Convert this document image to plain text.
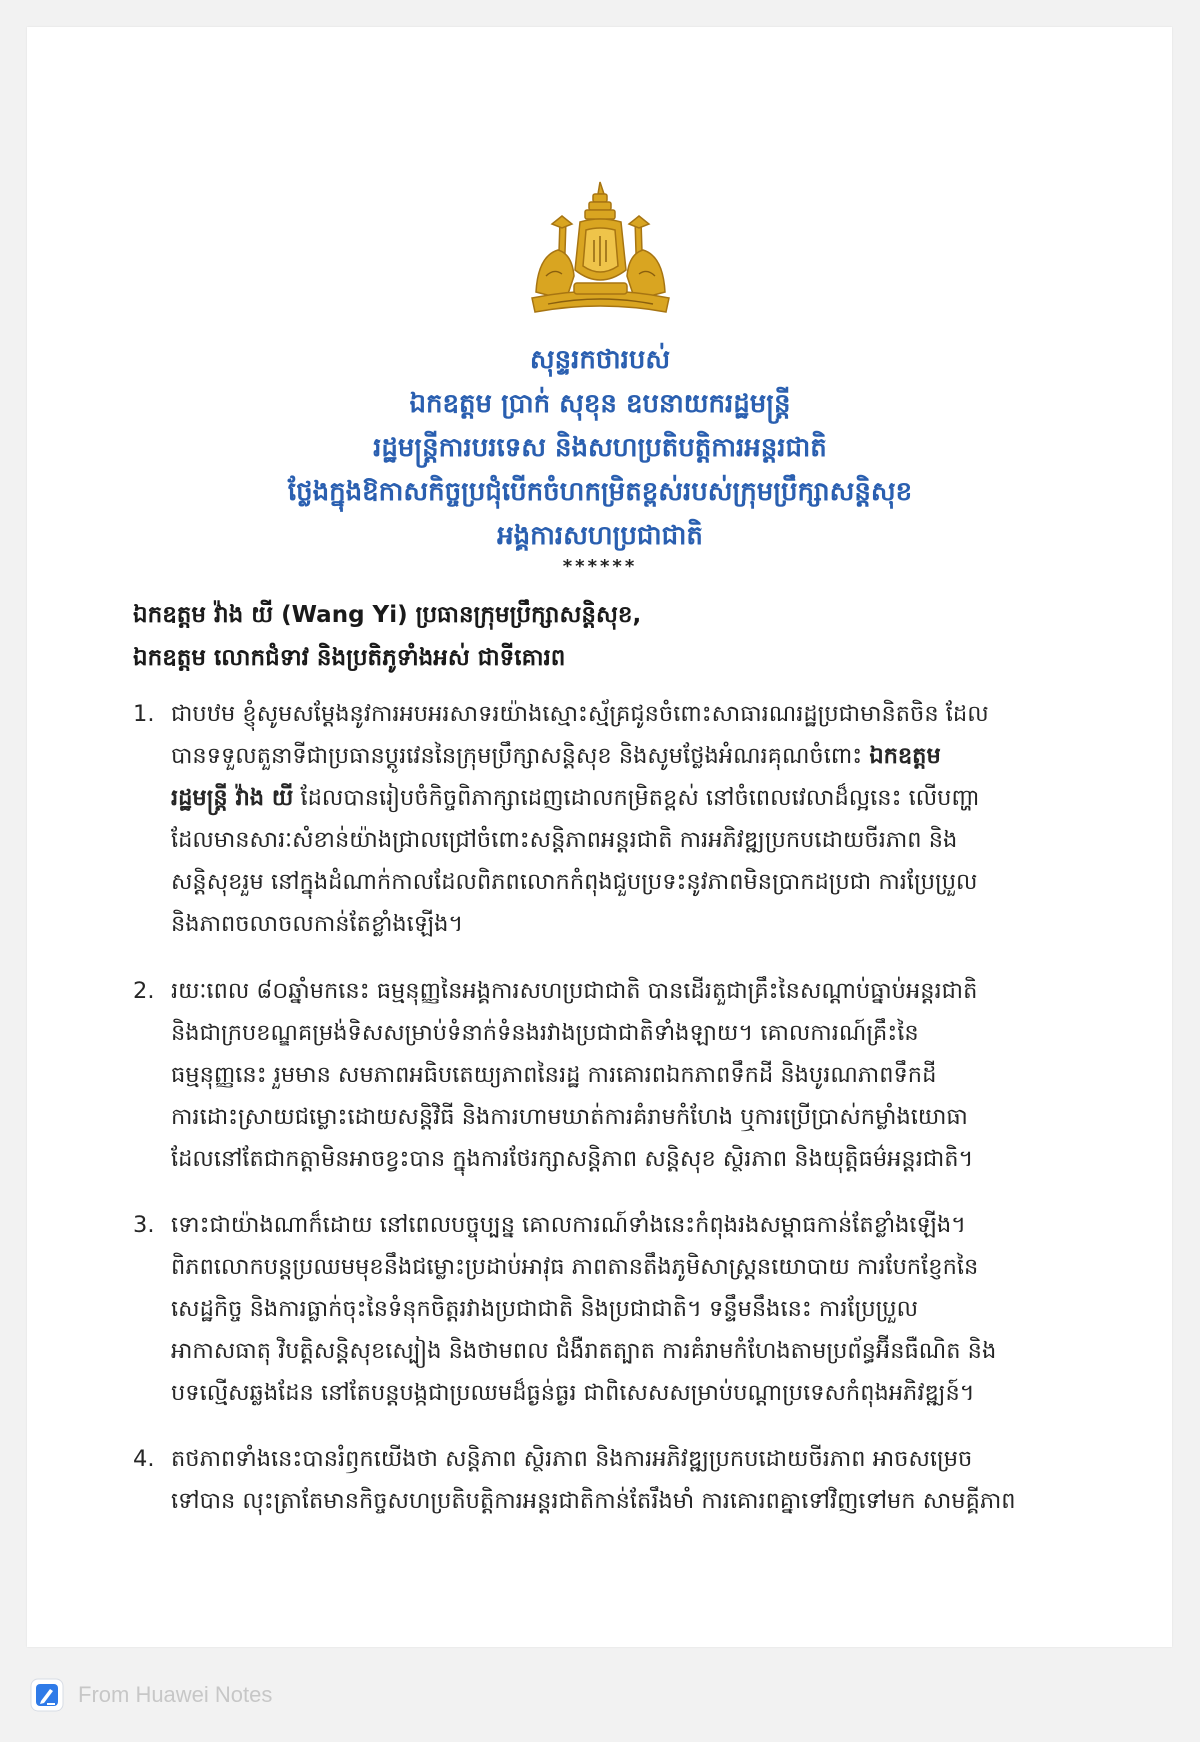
សុន្ទរកថារបស់
ឯកឧត្តម ប្រាក់ សុខុន ឧបនាយករដ្ឋមន្ត្រី
រដ្ឋមន្ត្រីការបរទេស និងសហប្រតិបត្តិការអន្តរជាតិ
ថ្លែងក្នុងឱកាសកិច្ចប្រជុំបើកចំហកម្រិតខ្ពស់របស់ក្រុមប្រឹក្សាសន្តិសុខ
អង្គការសហប្រជាជាតិ
******
ឯកឧត្តម វ៉ាង យី (Wang Yi) ប្រធានក្រុមប្រឹក្សាសន្តិសុខ,
ឯកឧត្តម លោកជំទាវ និងប្រតិភូទាំងអស់ ជាទីគោរព
1. ជាបឋម ខ្ញុំសូមសម្តែងនូវការអបអរសាទរយ៉ាងស្មោះស្ម័គ្រជូនចំពោះសាធារណរដ្ឋប្រជាមានិតចិន ដែល
បានទទួលតួនាទីជាប្រធានប្តូរវេននៃក្រុមប្រឹក្សាសន្តិសុខ និងសូមថ្លែងអំណរគុណចំពោះ ឯកឧត្តម
រដ្ឋមន្ត្រី វ៉ាង យី ដែលបានរៀបចំកិច្ចពិភាក្សាដេញដោលកម្រិតខ្ពស់ នៅចំពេលវេលាដ៏ល្អនេះ លើបញ្ហា
ដែលមានសារៈសំខាន់យ៉ាងជ្រាលជ្រៅចំពោះសន្តិភាពអន្តរជាតិ ការអភិវឌ្ឍប្រកបដោយចីរភាព និង
សន្តិសុខរួម នៅក្នុងដំណាក់កាលដែលពិភពលោកកំពុងជួបប្រទះនូវភាពមិនប្រាកដប្រជា ការប្រែប្រួល
និងភាពចលាចលកាន់តែខ្លាំងឡើង។
2. រយៈពេល ៨០ឆ្នាំមកនេះ ធម្មនុញ្ញនៃអង្គការសហប្រជាជាតិ បានដើរតួជាគ្រឹះនៃសណ្តាប់ធ្នាប់អន្តរជាតិ
និងជាក្របខណ្ឌគម្រង់ទិសសម្រាប់ទំនាក់ទំនងរវាងប្រជាជាតិទាំងឡាយ។ គោលការណ៍គ្រឹះនៃ
ធម្មនុញ្ញនេះ រួមមាន សមភាពអធិបតេយ្យភាពនៃរដ្ឋ ការគោរពឯកភាពទឹកដី និងបូរណភាពទឹកដី
ការដោះស្រាយជម្លោះដោយសន្តិវិធី និងការហាមឃាត់ការគំរាមកំហែង ឬការប្រើប្រាស់កម្លាំងយោធា
ដែលនៅតែជាកត្តាមិនអាចខ្វះបាន ក្នុងការថែរក្សាសន្តិភាព សន្តិសុខ ស្ថិរភាព និងយុត្តិធម៌អន្តរជាតិ។
3. ទោះជាយ៉ាងណាក៏ដោយ នៅពេលបច្ចុប្បន្ន គោលការណ៍ទាំងនេះកំពុងរងសម្ពាធកាន់តែខ្លាំងឡើង។
ពិភពលោកបន្តប្រឈមមុខនឹងជម្លោះប្រដាប់អាវុធ ភាពតានតឹងភូមិសាស្ត្រនយោបាយ ការបែកខ្ញែកនៃ
សេដ្ឋកិច្ច និងការធ្លាក់ចុះនៃទំនុកចិត្តរវាងប្រជាជាតិ និងប្រជាជាតិ។ ទន្ទឹមនឹងនេះ ការប្រែប្រួល
អាកាសធាតុ វិបត្តិសន្តិសុខស្បៀង និងថាមពល ជំងឺរាតត្បាត ការគំរាមកំហែងតាមប្រព័ន្ធអ៊ីនធឺណិត និង
បទល្មើសឆ្លងដែន នៅតែបន្តបង្កជាប្រឈមដ៏ធ្ងន់ធ្ងរ ជាពិសេសសម្រាប់បណ្តាប្រទេសកំពុងអភិវឌ្ឍន៍។
4. តថភាពទាំងនេះបានរំឭកយើងថា សន្តិភាព ស្ថិរភាព និងការអភិវឌ្ឍប្រកបដោយចីរភាព អាចសម្រេច
ទៅបាន លុះត្រាតែមានកិច្ចសហប្រតិបត្តិការអន្តរជាតិកាន់តែរឹងមាំ ការគោរពគ្នាទៅវិញទៅមក សាមគ្គីភាព
From Huawei Notes
